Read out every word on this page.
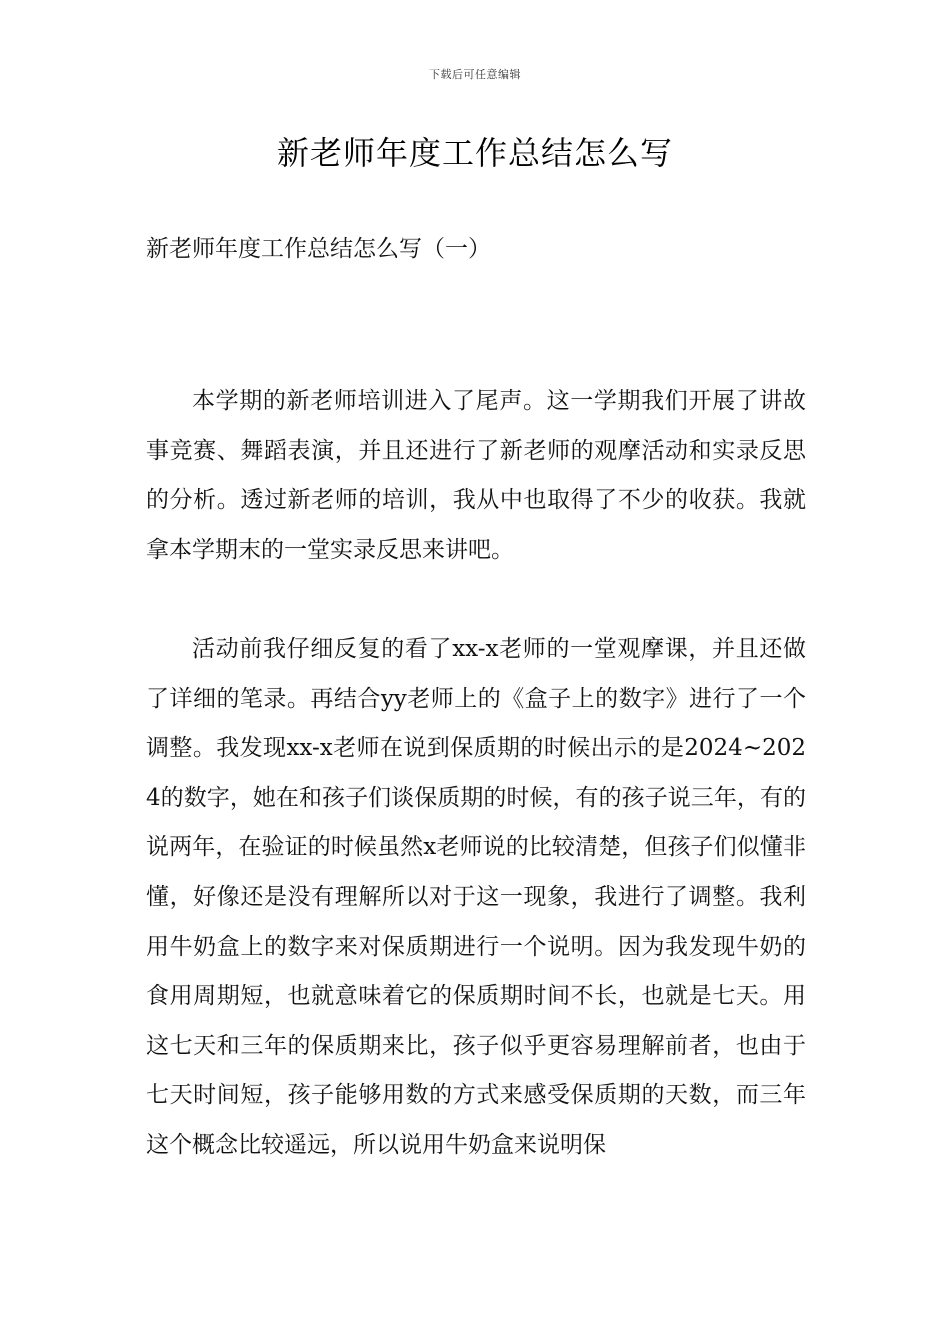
下载后可任意编辑
新老师年度工作总结怎么写
新老师年度工作总结怎么写（一）

本学期的新老师培训进入了尾声。这一学期我们开展了讲故事竞赛、舞蹈表演，并且还进行了新老师的观摩活动和实录反思的分析。透过新老师的培训，我从中也取得了不少的收获。我就拿本学期末的一堂实录反思来讲吧。

活动前我仔细反复的看了xx-x老师的一堂观摩课，并且还做了详细的笔录。再结合yy老师上的《盒子上的数字》进行了一个调整。我发现xx-x老师在说到保质期的时候出示的是2024~2024的数字，她在和孩子们谈保质期的时候，有的孩子说三年，有的说两年，在验证的时候虽然x老师说的比较清楚，但孩子们似懂非懂，好像还是没有理解所以对于这一现象，我进行了调整。我利用牛奶盒上的数字来对保质期进行一个说明。因为我发现牛奶的食用周期短，也就意味着它的保质期时间不长，也就是七天。用这七天和三年的保质期来比，孩子似乎更容易理解前者，也由于七天时间短，孩子能够用数的方式来感受保质期的天数，而三年这个概念比较遥远，所以说用牛奶盒来说明保
